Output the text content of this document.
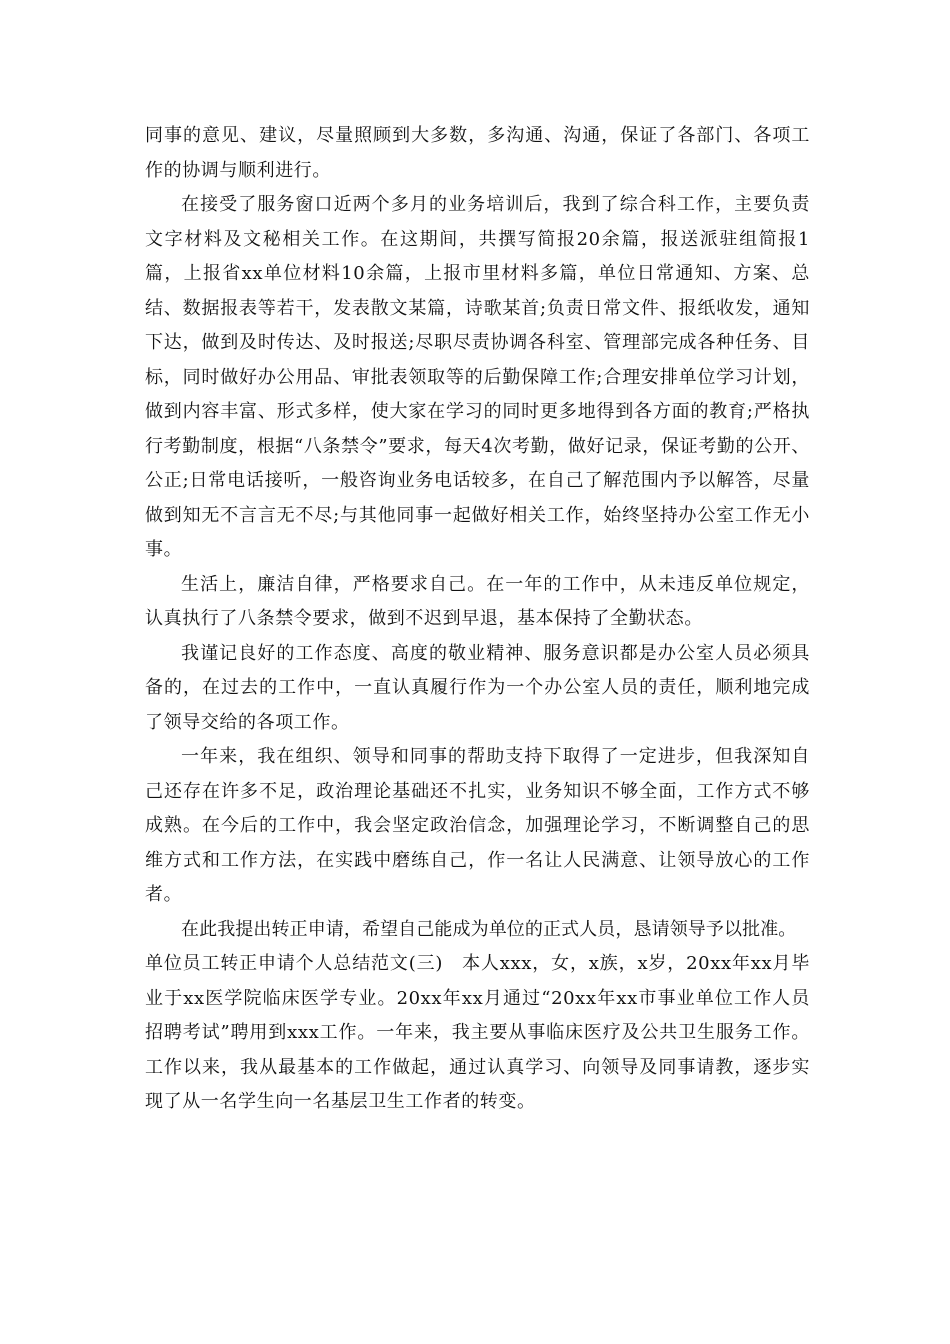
同事的意见、建议，尽量照顾到大多数，多沟通、沟通，保证了各部门、各项工作的协调与顺利进行。

在接受了服务窗口近两个多月的业务培训后，我到了综合科工作，主要负责文字材料及文秘相关工作。在这期间，共撰写简报20余篇，报送派驻组简报1篇，上报省xx单位材料10余篇，上报市里材料多篇，单位日常通知、方案、总结、数据报表等若干，发表散文某篇，诗歌某首;负责日常文件、报纸收发，通知下达，做到及时传达、及时报送;尽职尽责协调各科室、管理部完成各种任务、目标，同时做好办公用品、审批表领取等的后勤保障工作;合理安排单位学习计划，做到内容丰富、形式多样，使大家在学习的同时更多地得到各方面的教育;严格执行考勤制度，根据“八条禁令”要求，每天4次考勤，做好记录，保证考勤的公开、公正;日常电话接听，一般咨询业务电话较多，在自己了解范围内予以解答，尽量做到知无不言言无不尽;与其他同事一起做好相关工作，始终坚持办公室工作无小事。

生活上，廉洁自律，严格要求自己。在一年的工作中，从未违反单位规定，认真执行了八条禁令要求，做到不迟到早退，基本保持了全勤状态。

我谨记良好的工作态度、高度的敬业精神、服务意识都是办公室人员必须具备的，在过去的工作中，一直认真履行作为一个办公室人员的责任，顺利地完成了领导交给的各项工作。

一年来，我在组织、领导和同事的帮助支持下取得了一定进步，但我深知自己还存在许多不足，政治理论基础还不扎实，业务知识不够全面，工作方式不够成熟。在今后的工作中，我会坚定政治信念，加强理论学习，不断调整自己的思维方式和工作方法，在实践中磨练自己，作一名让人民满意、让领导放心的工作者。

在此我提出转正申请，希望自己能成为单位的正式人员，恳请领导予以批准。

单位员工转正申请个人总结范文(三)　本人xxx，女，x族，x岁，20xx年xx月毕业于xx医学院临床医学专业。20xx年xx月通过“20xx年xx市事业单位工作人员招聘考试”聘用到xxx工作。一年来，我主要从事临床医疗及公共卫生服务工作。工作以来，我从最基本的工作做起，通过认真学习、向领导及同事请教，逐步实现了从一名学生向一名基层卫生工作者的转变。
